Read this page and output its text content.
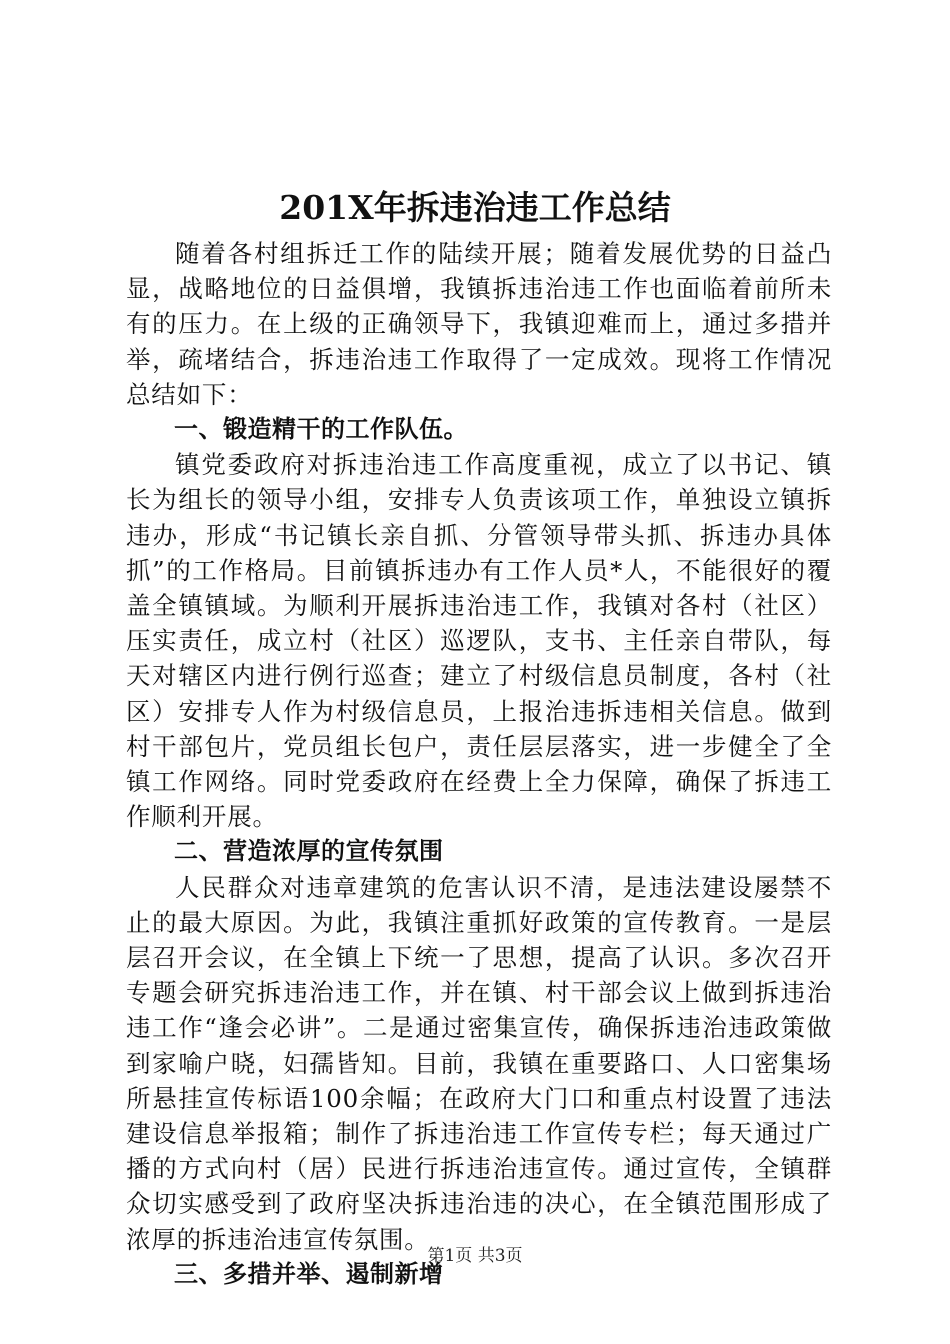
201X年拆违治违工作总结

随着各村组拆迁工作的陆续开展；随着发展优势的日益凸显，战略地位的日益俱增，我镇拆违治违工作也面临着前所未有的压力。在上级的正确领导下，我镇迎难而上，通过多措并举，疏堵结合，拆违治违工作取得了一定成效。现将工作情况总结如下：

一、锻造精干的工作队伍。

镇党委政府对拆违治违工作高度重视，成立了以书记、镇长为组长的领导小组，安排专人负责该项工作，单独设立镇拆违办，形成“书记镇长亲自抓、分管领导带头抓、拆违办具体抓”的工作格局。目前镇拆违办有工作人员*人，不能很好的覆盖全镇镇域。为顺利开展拆违治违工作，我镇对各村（社区）压实责任，成立村（社区）巡逻队，支书、主任亲自带队，每天对辖区内进行例行巡查；建立了村级信息员制度，各村（社区）安排专人作为村级信息员，上报治违拆违相关信息。做到村干部包片，党员组长包户，责任层层落实，进一步健全了全镇工作网络。同时党委政府在经费上全力保障，确保了拆违工作顺利开展。

二、营造浓厚的宣传氛围

人民群众对违章建筑的危害认识不清，是违法建设屡禁不止的最大原因。为此，我镇注重抓好政策的宣传教育。一是层层召开会议，在全镇上下统一了思想，提高了认识。多次召开专题会研究拆违治违工作，并在镇、村干部会议上做到拆违治违工作“逢会必讲”。二是通过密集宣传，确保拆违治违政策做到家喻户晓，妇孺皆知。目前，我镇在重要路口、人口密集场所悬挂宣传标语100余幅；在政府大门口和重点村设置了违法建设信息举报箱；制作了拆违治违工作宣传专栏；每天通过广播的方式向村（居）民进行拆违治违宣传。通过宣传，全镇群众切实感受到了政府坚决拆违治违的决心，在全镇范围形成了浓厚的拆违治违宣传氛围。

三、多措并举、遏制新增

第1页 共3页
